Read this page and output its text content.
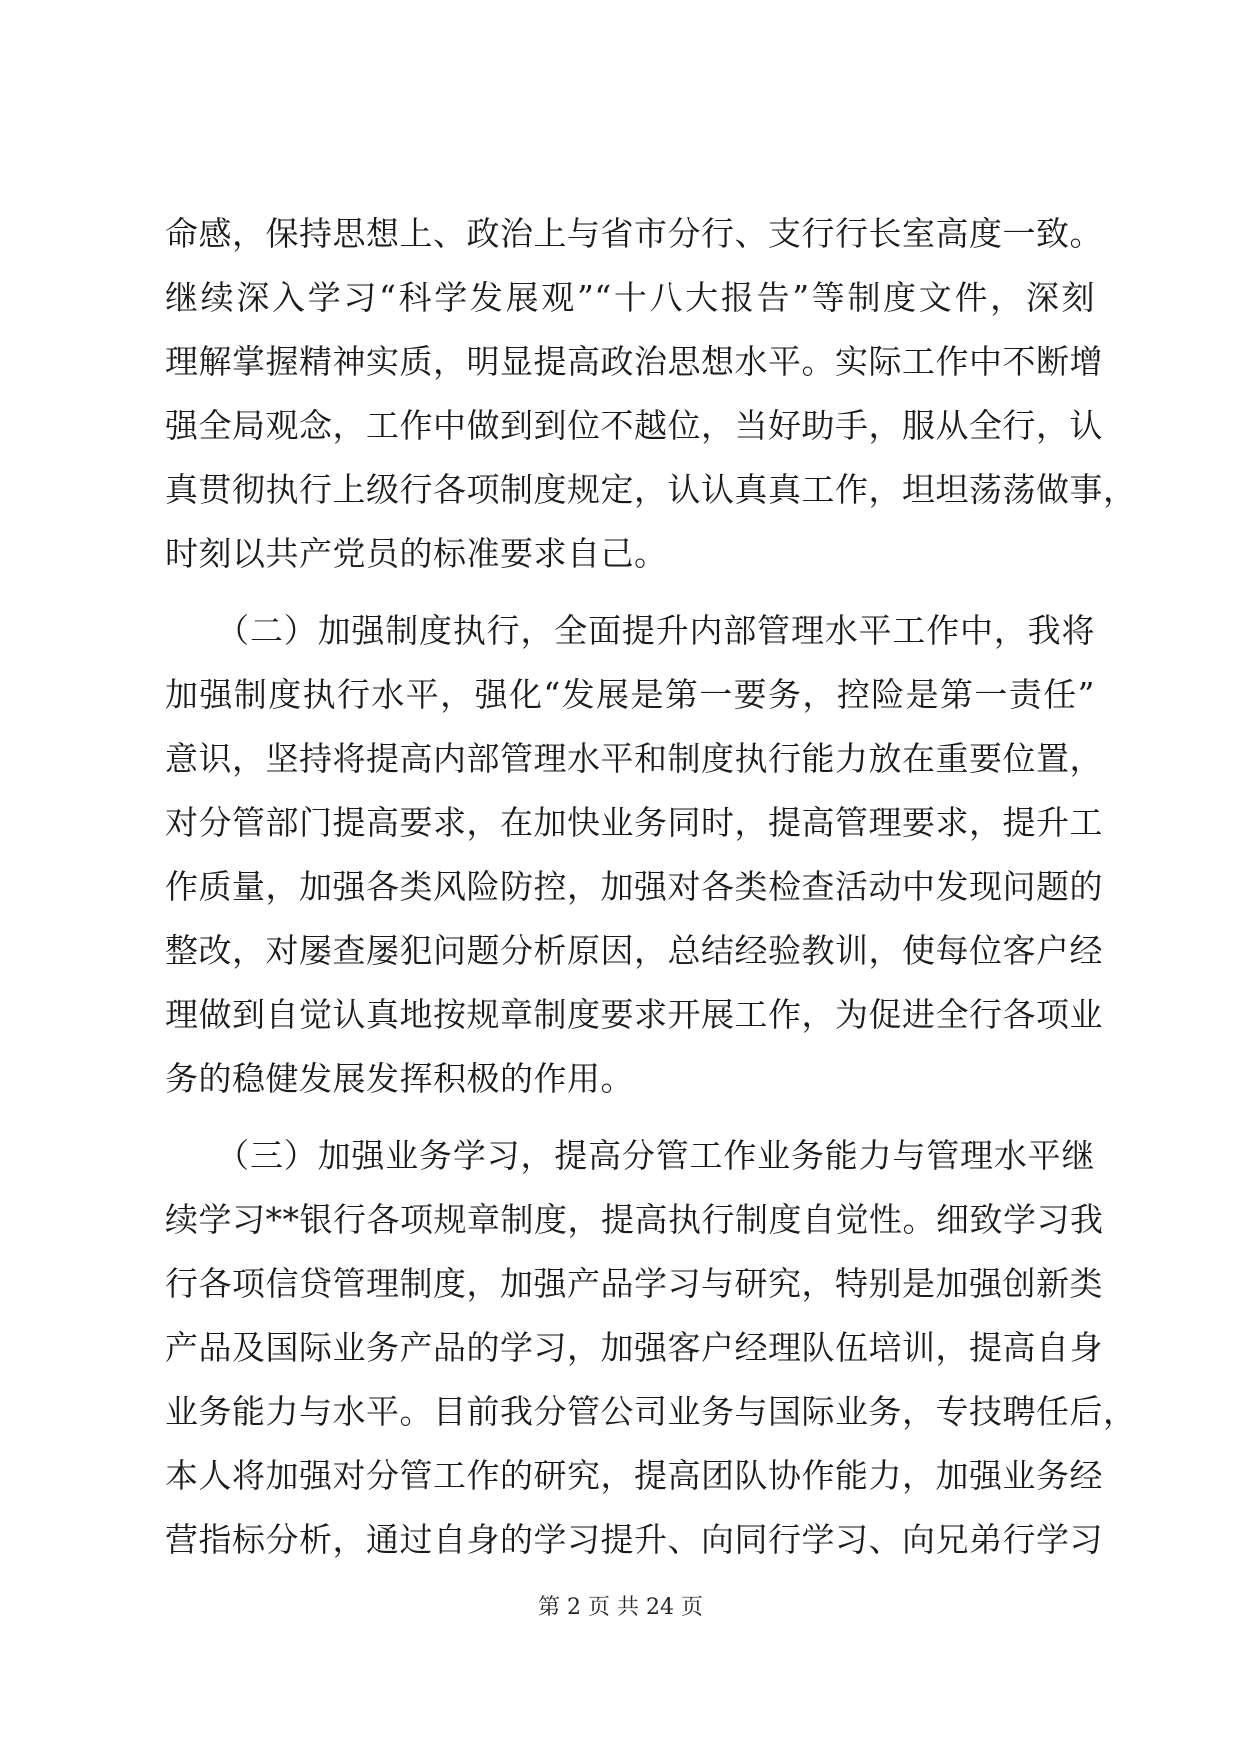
命感，保持思想上、政治上与省市分行、支行行长室高度一致。
继续深入学习“科学发展观”“十八大报告”等制度文件，深刻
理解掌握精神实质，明显提高政治思想水平。实际工作中不断增
强全局观念，工作中做到到位不越位，当好助手，服从全行，认
真贯彻执行上级行各项制度规定，认认真真工作，坦坦荡荡做事，
时刻以共产党员的标准要求自己。
　　（二）加强制度执行，全面提升内部管理水平工作中，我将
加强制度执行水平，强化“发展是第一要务，控险是第一责任”
意识，坚持将提高内部管理水平和制度执行能力放在重要位置，
对分管部门提高要求，在加快业务同时，提高管理要求，提升工
作质量，加强各类风险防控，加强对各类检查活动中发现问题的
整改，对屡查屡犯问题分析原因，总结经验教训，使每位客户经
理做到自觉认真地按规章制度要求开展工作，为促进全行各项业
务的稳健发展发挥积极的作用。
　　（三）加强业务学习，提高分管工作业务能力与管理水平继
续学习**银行各项规章制度，提高执行制度自觉性。细致学习我
行各项信贷管理制度，加强产品学习与研究，特别是加强创新类
产品及国际业务产品的学习，加强客户经理队伍培训，提高自身
业务能力与水平。目前我分管公司业务与国际业务，专技聘任后，
本人将加强对分管工作的研究，提高团队协作能力，加强业务经
营指标分析，通过自身的学习提升、向同行学习、向兄弟行学习
第 2 页 共 24 页
